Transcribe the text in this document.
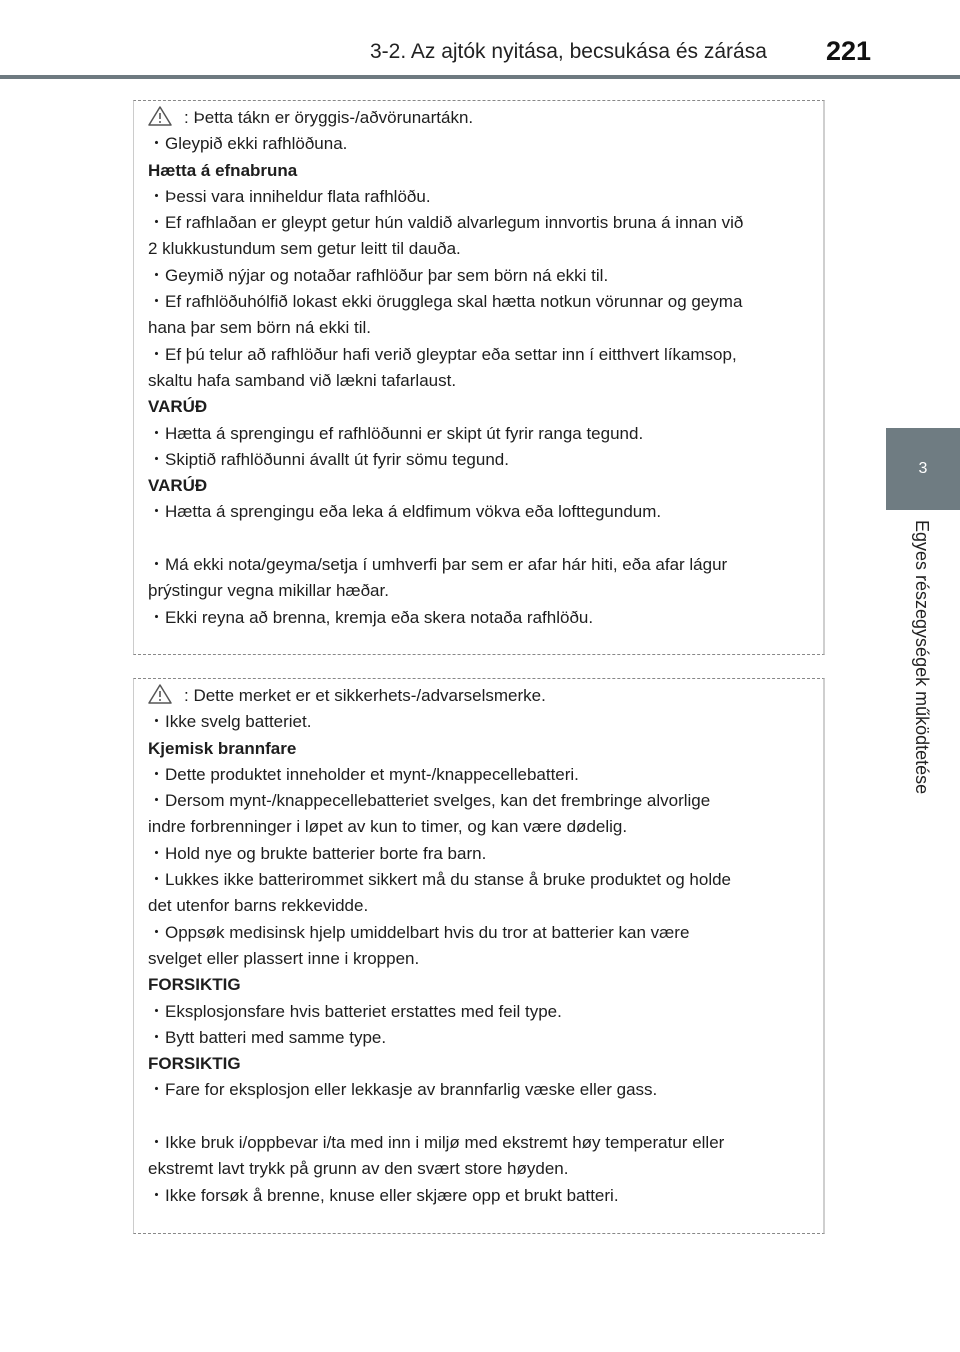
3-2. Az ajtók nyitása, becsukása és zárása 221
3
Egyes részegységek működtetése
: Þetta tákn er öryggis-/aðvörunartákn.
・Gleypið ekki rafhlöðuna.
Hætta á efnabruna
・Þessi vara inniheldur flata rafhlöðu.
・Ef rafhlaðan er gleypt getur hún valdið alvarlegum innvortis bruna á innan við
2 klukkustundum sem getur leitt til dauða.
・Geymið nýjar og notaðar rafhlöður þar sem börn ná ekki til.
・Ef rafhlöðuhólfið lokast ekki örugglega skal hætta notkun vörunnar og geyma
hana þar sem börn ná ekki til.
・Ef þú telur að rafhlöður hafi verið gleyptar eða settar inn í eitthvert líkamsop,
skaltu hafa samband við lækni tafarlaust.
VARÚÐ
・Hætta á sprengingu ef rafhlöðunni er skipt út fyrir ranga tegund.
・Skiptið rafhlöðunni ávallt út fyrir sömu tegund.
VARÚÐ
・Hætta á sprengingu eða leka á eldfimum vökva eða lofttegundum.
・Má ekki nota/geyma/setja í umhverfi þar sem er afar hár hiti, eða afar lágur
þrýstingur vegna mikillar hæðar.
・Ekki reyna að brenna, kremja eða skera notaða rafhlöðu.
: Dette merket er et sikkerhets-/advarselsmerke.
・Ikke svelg batteriet.
Kjemisk brannfare
・Dette produktet inneholder et mynt-/knappecellebatteri.
・Dersom mynt-/knappecellebatteriet svelges, kan det frembringe alvorlige
indre forbrenninger i løpet av kun to timer, og kan være dødelig.
・Hold nye og brukte batterier borte fra barn.
・Lukkes ikke batterirommet sikkert må du stanse å bruke produktet og holde
det utenfor barns rekkevidde.
・Oppsøk medisinsk hjelp umiddelbart hvis du tror at batterier kan være
svelget eller plassert inne i kroppen.
FORSIKTIG
・Eksplosjonsfare hvis batteriet erstattes med feil type.
・Bytt batteri med samme type.
FORSIKTIG
・Fare for eksplosjon eller lekkasje av brannfarlig væske eller gass.
・Ikke bruk i/oppbevar i/ta med inn i miljø med ekstremt høy temperatur eller
ekstremt lavt trykk på grunn av den svært store høyden.
・Ikke forsøk å brenne, knuse eller skjære opp et brukt batteri.
